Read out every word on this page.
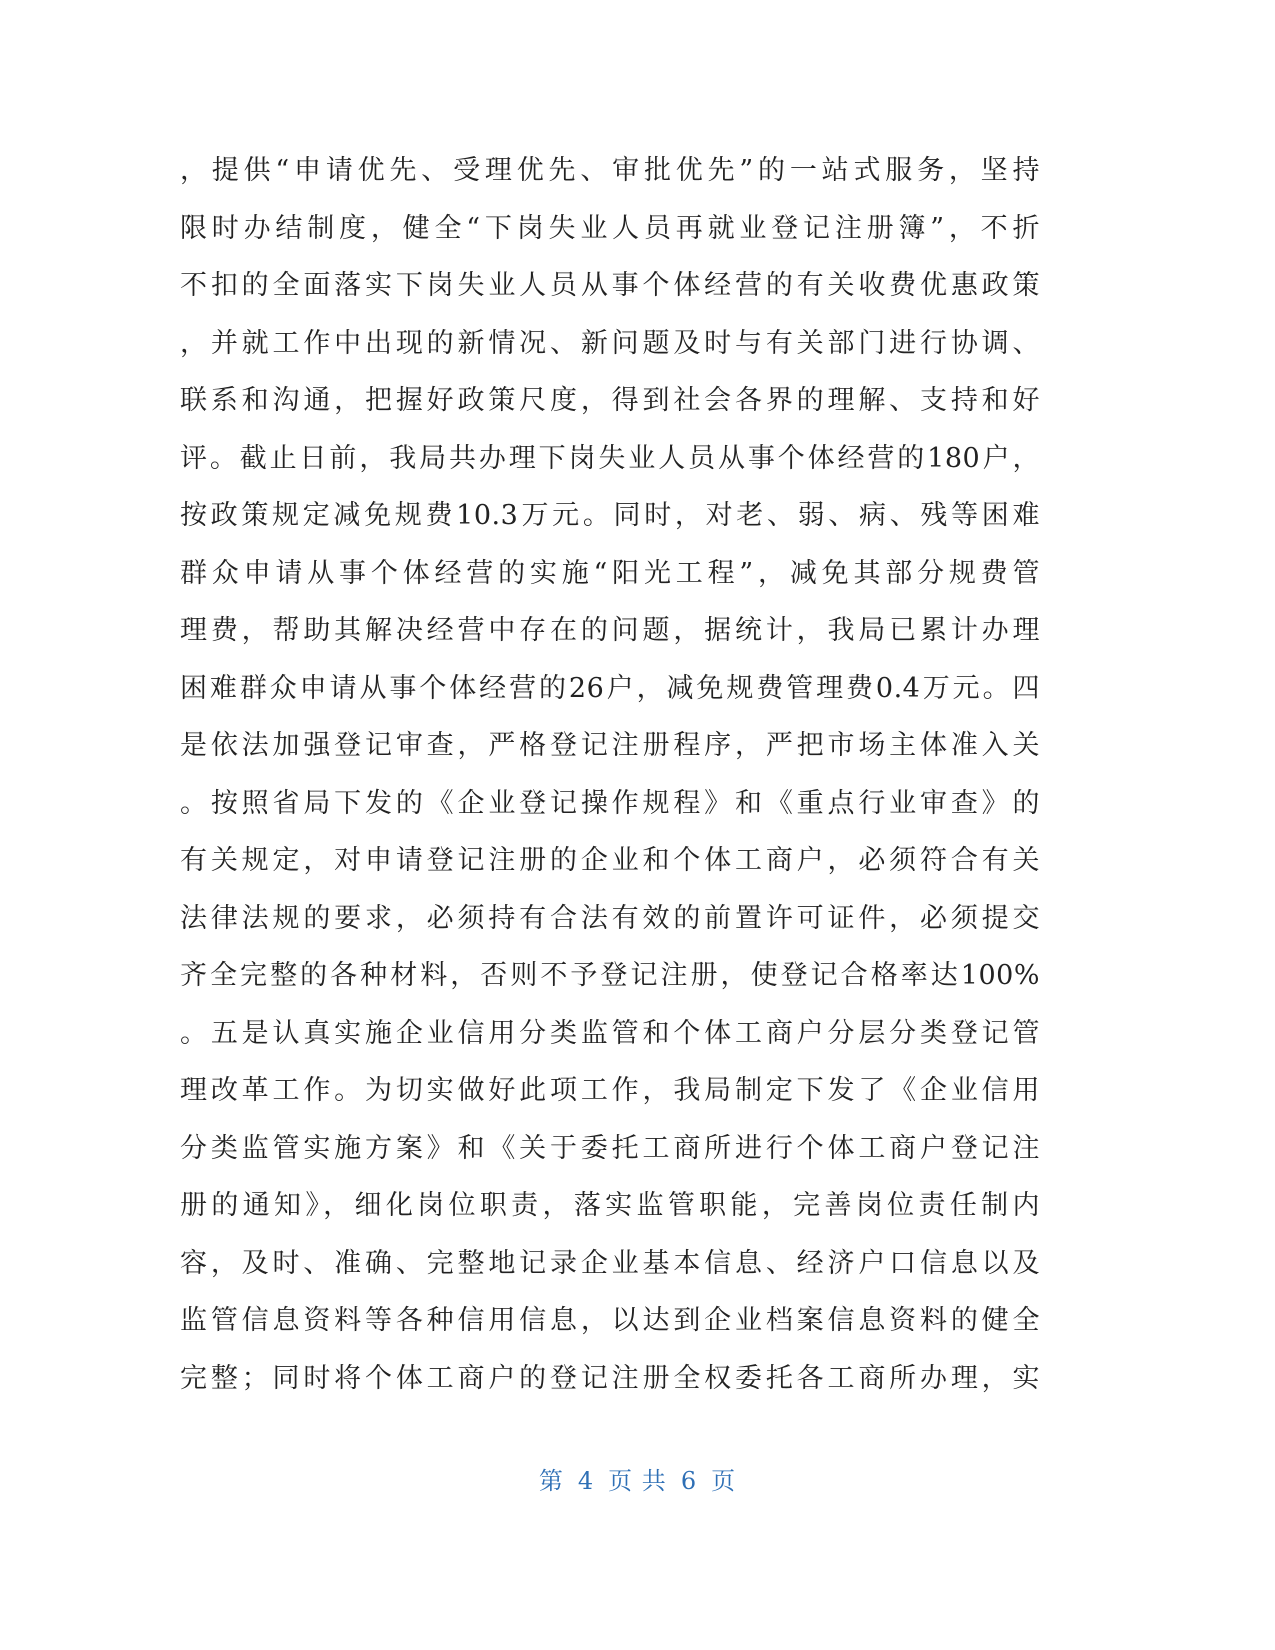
，提供“申请优先、受理优先、审批优先”的一站式服务，坚持
限时办结制度，健全“下岗失业人员再就业登记注册簿”，不折
不扣的全面落实下岗失业人员从事个体经营的有关收费优惠政策
，并就工作中出现的新情况、新问题及时与有关部门进行协调、
联系和沟通，把握好政策尺度，得到社会各界的理解、支持和好
评。截止日前，我局共办理下岗失业人员从事个体经营的180户，
按政策规定减免规费10.3万元。同时，对老、弱、病、残等困难
群众申请从事个体经营的实施“阳光工程”，减免其部分规费管
理费，帮助其解决经营中存在的问题，据统计，我局已累计办理
困难群众申请从事个体经营的26户，减免规费管理费0.4万元。四
是依法加强登记审查，严格登记注册程序，严把市场主体准入关
。按照省局下发的《企业登记操作规程》和《重点行业审查》的
有关规定，对申请登记注册的企业和个体工商户，必须符合有关
法律法规的要求，必须持有合法有效的前置许可证件，必须提交
齐全完整的各种材料，否则不予登记注册，使登记合格率达100%
。五是认真实施企业信用分类监管和个体工商户分层分类登记管
理改革工作。为切实做好此项工作，我局制定下发了《企业信用
分类监管实施方案》和《关于委托工商所进行个体工商户登记注
册的通知》，细化岗位职责，落实监管职能，完善岗位责任制内
容，及时、准确、完整地记录企业基本信息、经济户口信息以及
监管信息资料等各种信用信息，以达到企业档案信息资料的健全
完整；同时将个体工商户的登记注册全权委托各工商所办理，实
第 4 页 共 6 页
